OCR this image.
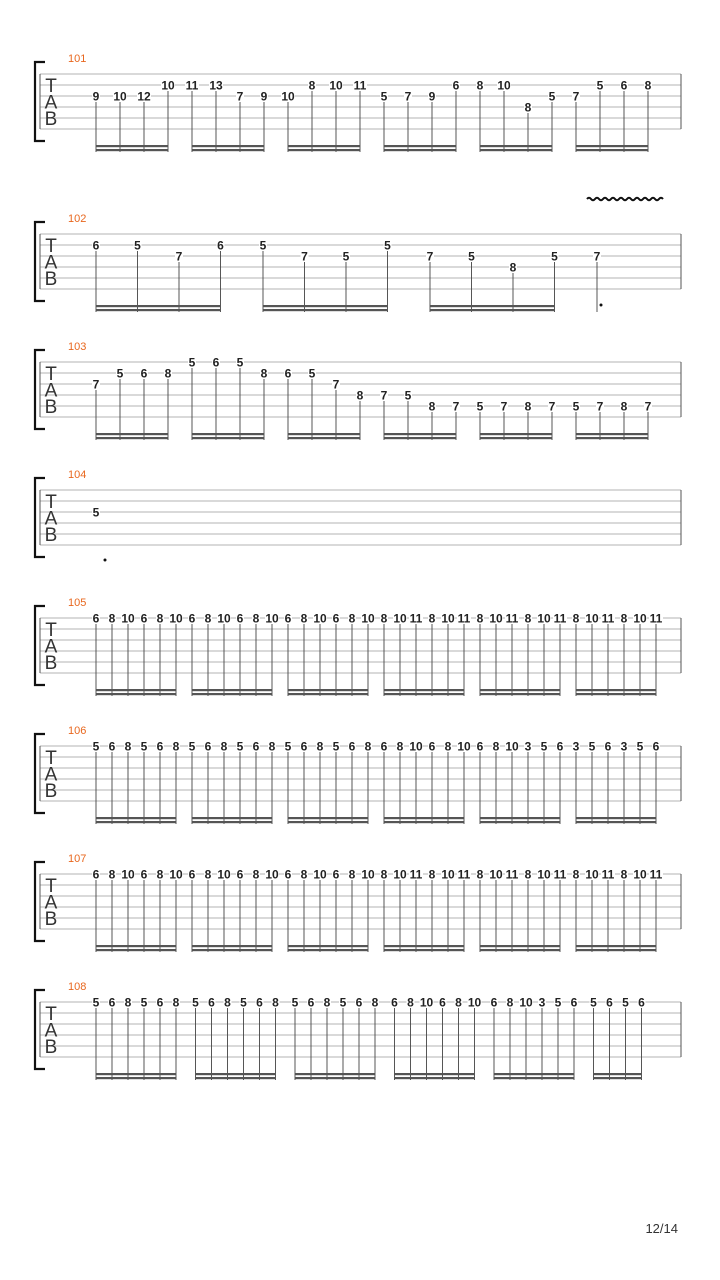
101
T
A
B
9 10 12
10 11 13
7 9 10
8 10 11
5 7 9
6 8 10
8
5 7
5 6 8
102
T
A
B
6	5
7
6	5
7	5
5
7	5
8
5	7
103
T
A
B
7
5 6 8
5 6 5
8 6 5
7
8 7 5
8 7 5 7 8 7 5 7 8 7
104
T
A
B
5
105
T
A
B
6 8 10 6 8 10 6 8 10 6 8 10 6 8 10 6 8 10 8 10 11 8 10 11 8 10 11 8 10 11 8 10 11 8 10 11
106
T
A
B
5 6 8 5 6 8 5 6 8 5 6 8 5 6 8 5 6 8 6 8 10 6 8 10 6 8 10 3 5 6 3 5 6 3 5 6
107
T
A
B
6 8 10 6 8 10 6 8 10 6 8 10 6 8 10 6 8 10 8 10 11 8 10 11 8 10 11 8 10 11 8 10 11 8 10 11
108
T
A
B
5 6 8 5 6 8 5 6 8 5 6 8 5 6 8 5 6 8 6 8 10 6 8 10 6 8 10 3 5 6 5 6 5 6
12/14
